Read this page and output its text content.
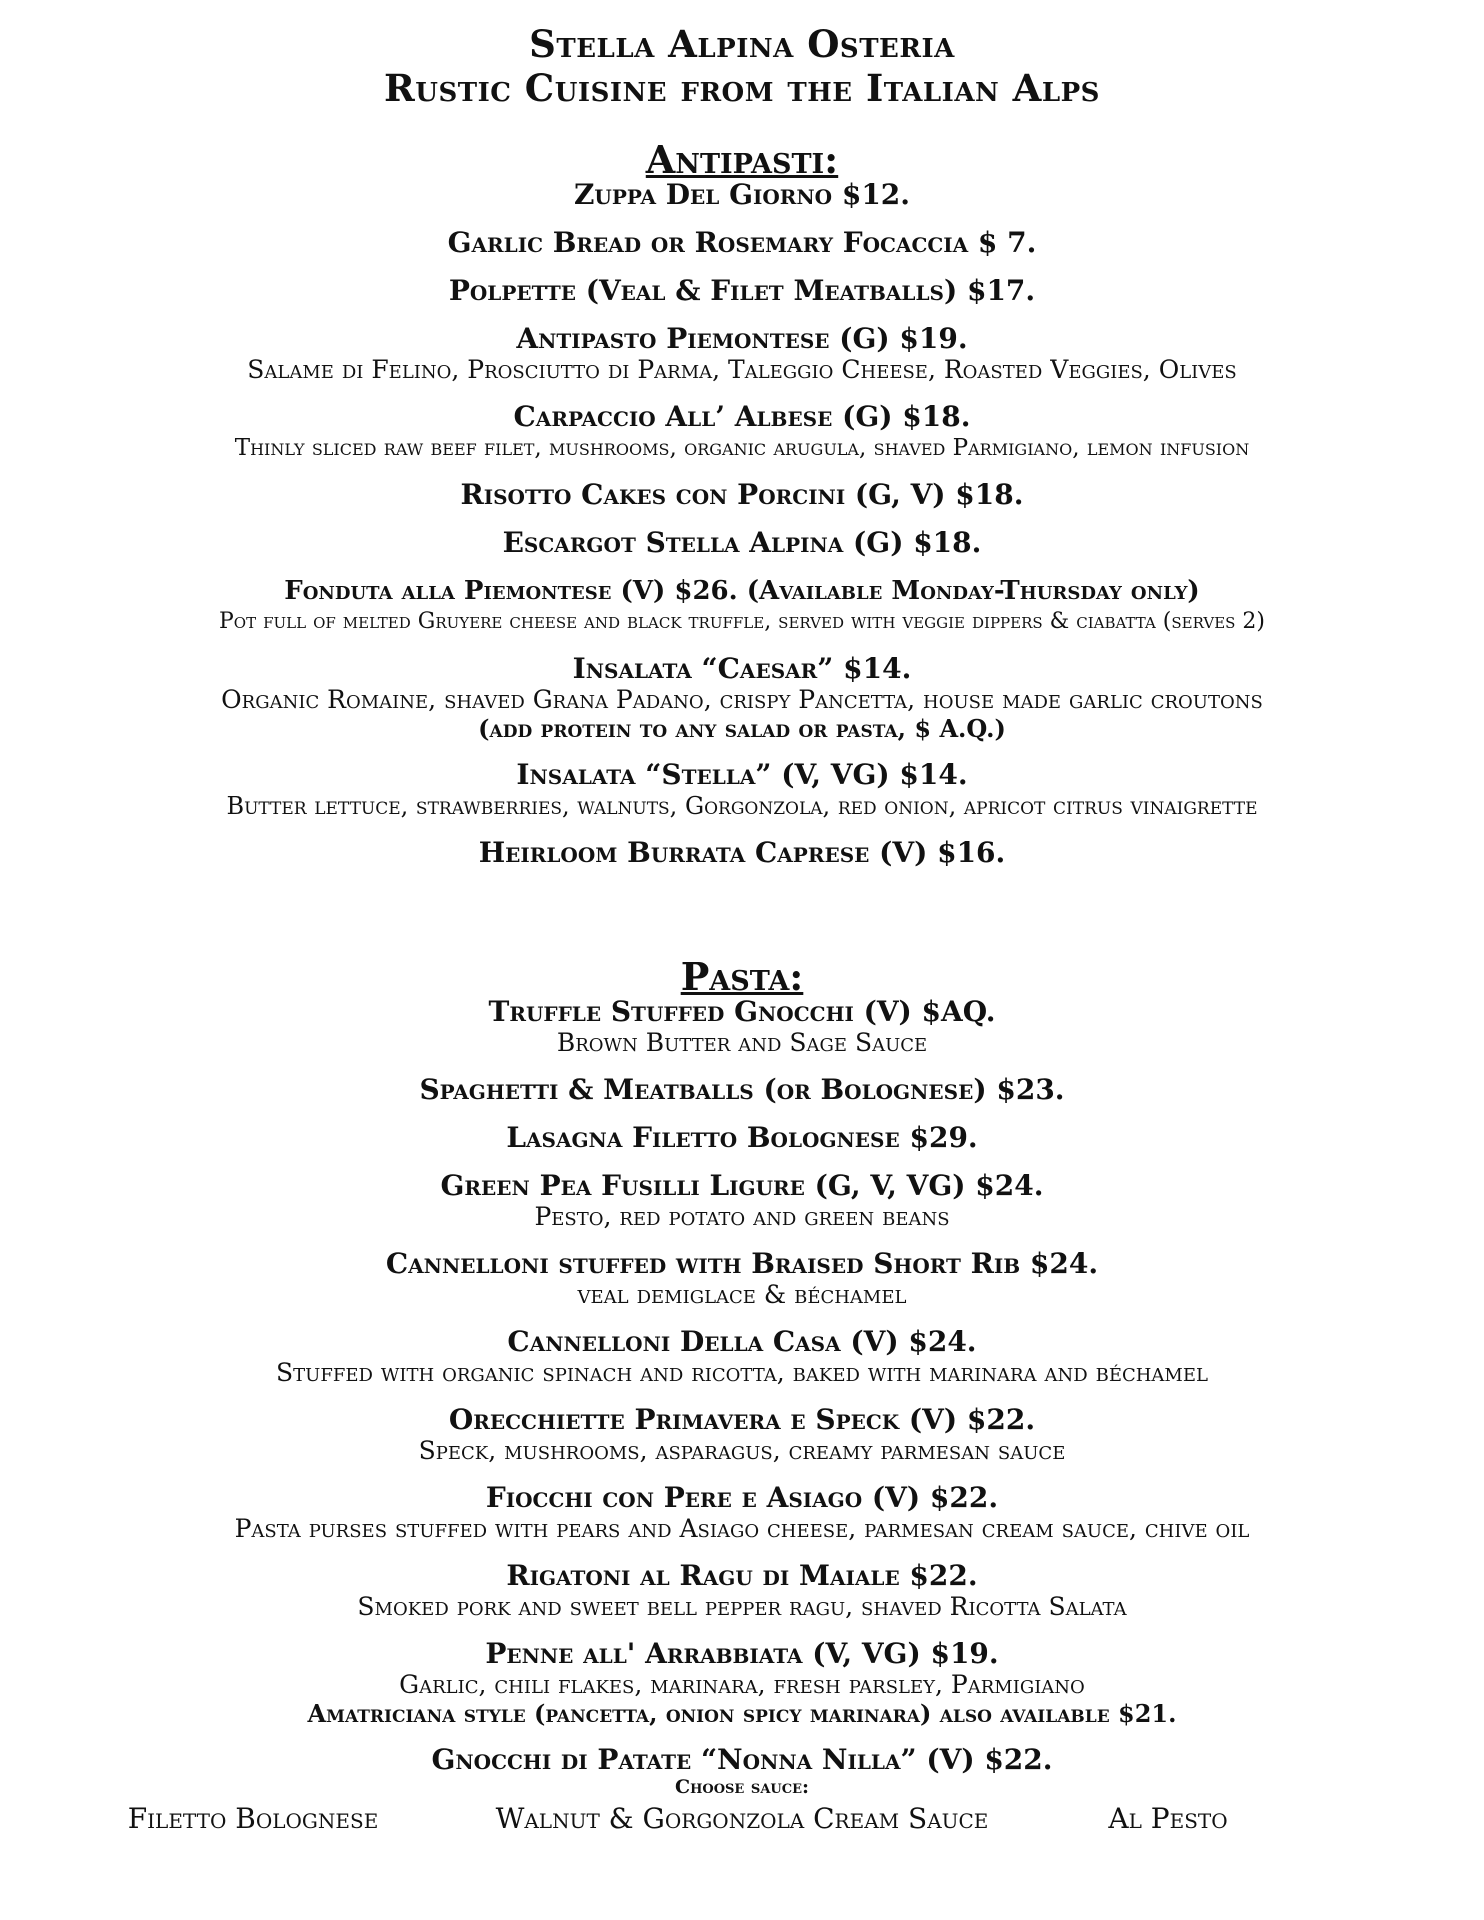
Stella Alpina Osteria
Rustic Cuisine from the Italian Alps
Antipasti:
Zuppa Del Giorno $12.
Garlic Bread or Rosemary Focaccia $ 7.
Polpette (Veal & Filet Meatballs) $17.
Antipasto Piemontese (G) $19.
Salame di Felino, Prosciutto di Parma, Taleggio Cheese, Roasted Veggies, Olives
Carpaccio All’ Albese (G) $18.
Thinly sliced raw beef filet, mushrooms, organic arugula, shaved Parmigiano, lemon infusion
Risotto Cakes con Porcini (G, V) $18.
Escargot Stella Alpina (G) $18.
Fonduta alla Piemontese (V) $26. (Available Monday-Thursday only)
Pot full of melted Gruyere cheese and black truffle, served with veggie dippers & ciabatta (serves 2)
Insalata “Caesar” $14.
Organic Romaine, shaved Grana Padano, crispy Pancetta, house made garlic croutons
(add protein to any salad or pasta, $ A.Q.)
Insalata “Stella” (V, VG) $14.
Butter lettuce, strawberries, walnuts, Gorgonzola, red onion, apricot citrus vinaigrette
Heirloom Burrata Caprese (V) $16.
Pasta:
Truffle Stuffed Gnocchi (V) $AQ.
Brown Butter and Sage Sauce
Spaghetti & Meatballs (or Bolognese) $23.
Lasagna Filetto Bolognese $29.
Green Pea Fusilli Ligure (G, V, VG) $24.
Pesto, red potato and green beans
Cannelloni stuffed with Braised Short Rib $24.
veal demiglace & béchamel
Cannelloni Della Casa (V) $24.
Stuffed with organic spinach and ricotta, baked with marinara and béchamel
Orecchiette Primavera e Speck (V) $22.
Speck, mushrooms, asparagus, creamy parmesan sauce
Fiocchi con Pere e Asiago (V) $22.
Pasta purses stuffed with pears and Asiago cheese, parmesan cream sauce, chive oil
Rigatoni al Ragu di Maiale $22.
Smoked pork and sweet bell pepper ragu, shaved Ricotta Salata
Penne all' Arrabbiata (V, VG) $19.
Garlic, chili flakes, marinara, fresh parsley, Parmigiano
Amatriciana style (pancetta, onion spicy marinara) also available $21.
Gnocchi di Patate “Nonna Nilla” (V) $22.
Choose sauce:
Filetto Bolognese	Walnut & Gorgonzola Cream Sauce	Al Pesto
